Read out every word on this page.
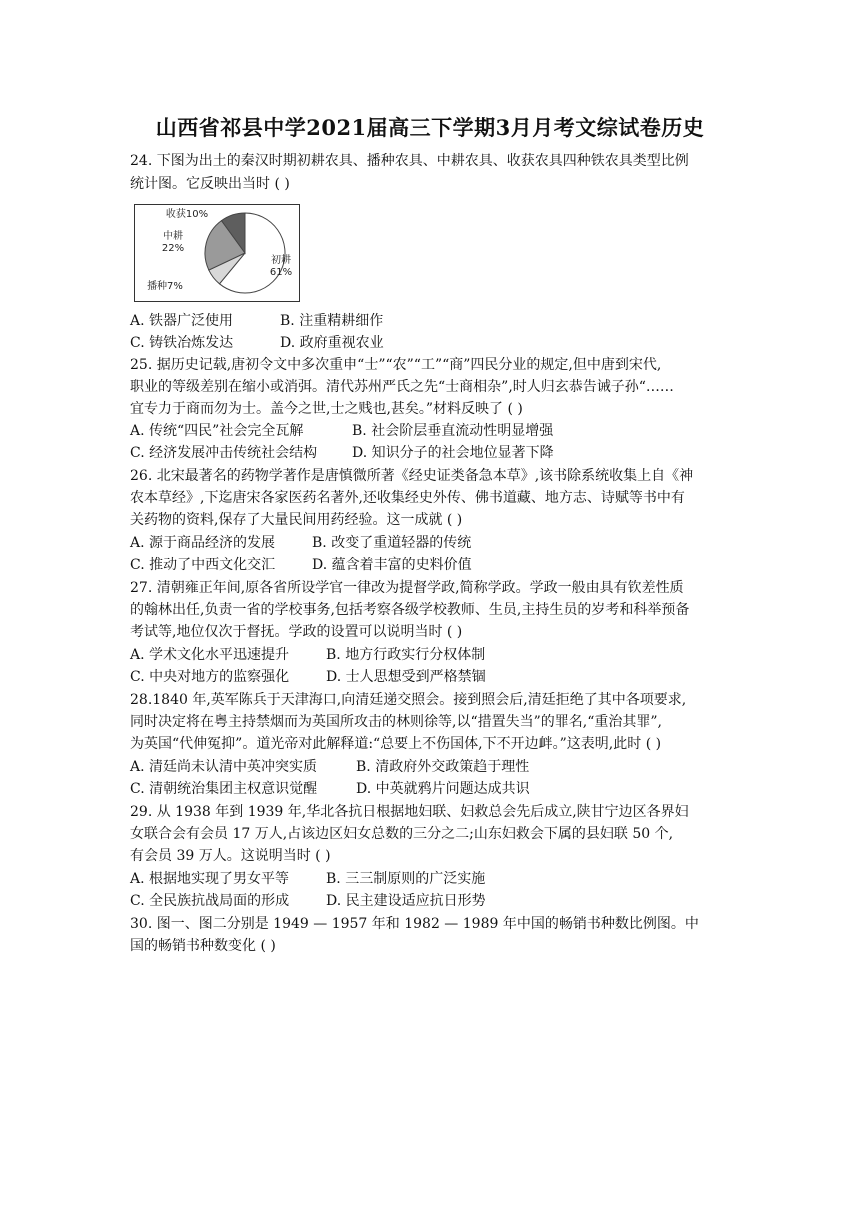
山西省祁县中学2021届高三下学期3月月考文综试卷历史
24. 下图为出土的秦汉时期初耕农具、播种农具、中耕农具、收获农具四种铁农具类型比例
统计图。它反映出当时 ( )
初耕
61%
中耕
22%
播种7%
收获10%
A. 铁器广泛使用	B. 注重精耕细作
C. 铸铁冶炼发达	D. 政府重视农业
25. 据历史记载,唐初令文中多次重申“士”“农”“工”“商”四民分业的规定,但中唐到宋代,
职业的等级差别在缩小或消弭。清代苏州严氏之先“士商相杂”,时人归玄恭告诫子孙“……
宜专力于商而勿为士。盖今之世,士之贱也,甚矣。”材料反映了 ( )
A. 传统“四民”社会完全瓦解	B. 社会阶层垂直流动性明显增强
C. 经济发展冲击传统社会结构 D. 知识分子的社会地位显著下降
26. 北宋最著名的药物学著作是唐慎微所著《经史证类备急本草》,该书除系统收集上自《神
农本草经》,下迄唐宋各家医药名著外,还收集经史外传、佛书道藏、地方志、诗赋等书中有
关药物的资料,保存了大量民间用药经验。这一成就 ( )
A. 源于商品经济的发展	B. 改变了重道轻器的传统
C. 推动了中西文化交汇	D. 蕴含着丰富的史料价值
27. 清朝雍正年间,原各省所设学官一律改为提督学政,简称学政。学政一般由具有钦差性质
的翰林出任,负责一省的学校事务,包括考察各级学校教师、生员,主持生员的岁考和科举预备
考试等,地位仅次于督抚。学政的设置可以说明当时 ( )
A. 学术文化水平迅速提升	B. 地方行政实行分权体制
C. 中央对地方的监察强化	D. 士人思想受到严格禁锢
28.1840 年,英军陈兵于天津海口,向清廷递交照会。接到照会后,清廷拒绝了其中各项要求,
同时决定将在粤主持禁烟而为英国所攻击的林则徐等,以“措置失当”的罪名,“重治其罪”,
为英国“代伸冤抑”。道光帝对此解释道:“总要上不伤国体,下不开边衅。”这表明,此时 ( )
A. 清廷尚未认清中英冲突实质	B. 清政府外交政策趋于理性
C. 清朝统治集团主权意识觉醒	D. 中英就鸦片问题达成共识
29. 从 1938 年到 1939 年,华北各抗日根据地妇联、妇救总会先后成立,陕甘宁边区各界妇
女联合会有会员 17 万人,占该边区妇女总数的三分之二;山东妇救会下属的县妇联 50 个,
有会员 39 万人。这说明当时 ( )
A. 根据地实现了男女平等	B. 三三制原则的广泛实施
C. 全民族抗战局面的形成	D. 民主建设适应抗日形势
30. 图一、图二分别是 1949 — 1957 年和 1982 — 1989 年中国的畅销书种数比例图。中
国的畅销书种数变化 ( )
